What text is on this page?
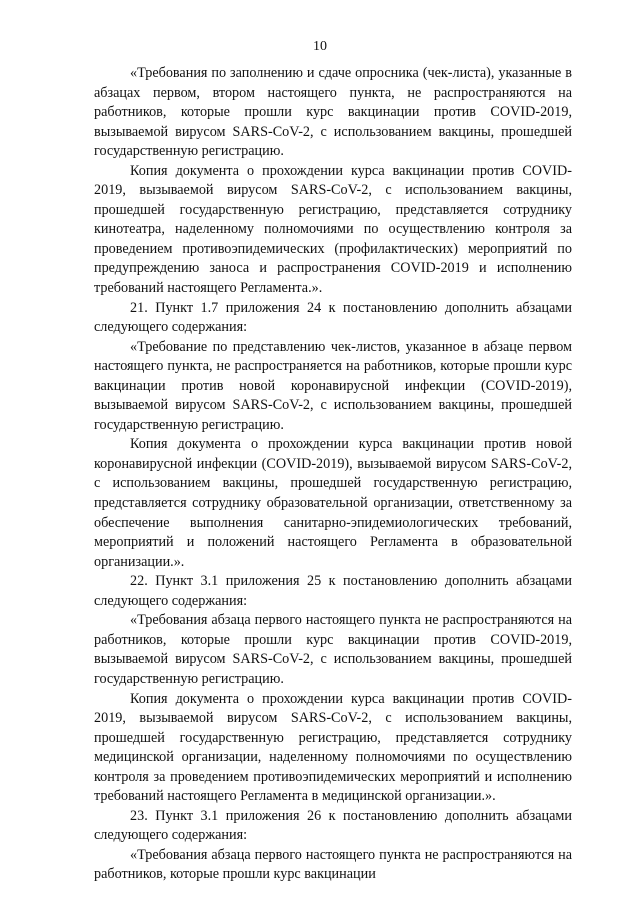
10

«Требования по заполнению и сдаче опросника (чек-листа), указанные в абзацах первом, втором настоящего пункта, не распространяются на работников, которые прошли курс вакцинации против COVID-2019, вызываемой вирусом SARS-CoV-2, с использованием вакцины, прошедшей государственную регистрацию.

Копия документа о прохождении курса вакцинации против COVID-2019, вызываемой вирусом SARS-CoV-2, с использованием вакцины, прошедшей государственную регистрацию, представляется сотруднику кинотеатра, наделенному полномочиями по осуществлению контроля за проведением противоэпидемических (профилактических) мероприятий по предупреждению заноса и распространения COVID-2019 и исполнению требований настоящего Регламента.».

21. Пункт 1.7 приложения 24 к постановлению дополнить абзацами следующего содержания:

«Требование по представлению чек-листов, указанное в абзаце первом настоящего пункта, не распространяется на работников, которые прошли курс вакцинации против новой коронавирусной инфекции (COVID-2019), вызываемой вирусом SARS-CoV-2, с использованием вакцины, прошедшей государственную регистрацию.

Копия документа о прохождении курса вакцинации против новой коронавирусной инфекции (COVID-2019), вызываемой вирусом SARS-CoV-2, с использованием вакцины, прошедшей государственную регистрацию, представляется сотруднику образовательной организации, ответственному за обеспечение выполнения санитарно-эпидемиологических требований, мероприятий и положений настоящего Регламента в образовательной организации.».

22. Пункт 3.1 приложения 25 к постановлению дополнить абзацами следующего содержания:

«Требования абзаца первого настоящего пункта не распространяются на работников, которые прошли курс вакцинации против COVID-2019, вызываемой вирусом SARS-CoV-2, с использованием вакцины, прошедшей государственную регистрацию.

Копия документа о прохождении курса вакцинации против COVID-2019, вызываемой вирусом SARS-CoV-2, с использованием вакцины, прошедшей государственную регистрацию, представляется сотруднику медицинской организации, наделенному полномочиями по осуществлению контроля за проведением противоэпидемических мероприятий и исполнению требований настоящего Регламента в медицинской организации.».

23. Пункт 3.1 приложения 26 к постановлению дополнить абзацами следующего содержания:

«Требования абзаца первого настоящего пункта не распространяются на работников, которые прошли курс вакцинации
